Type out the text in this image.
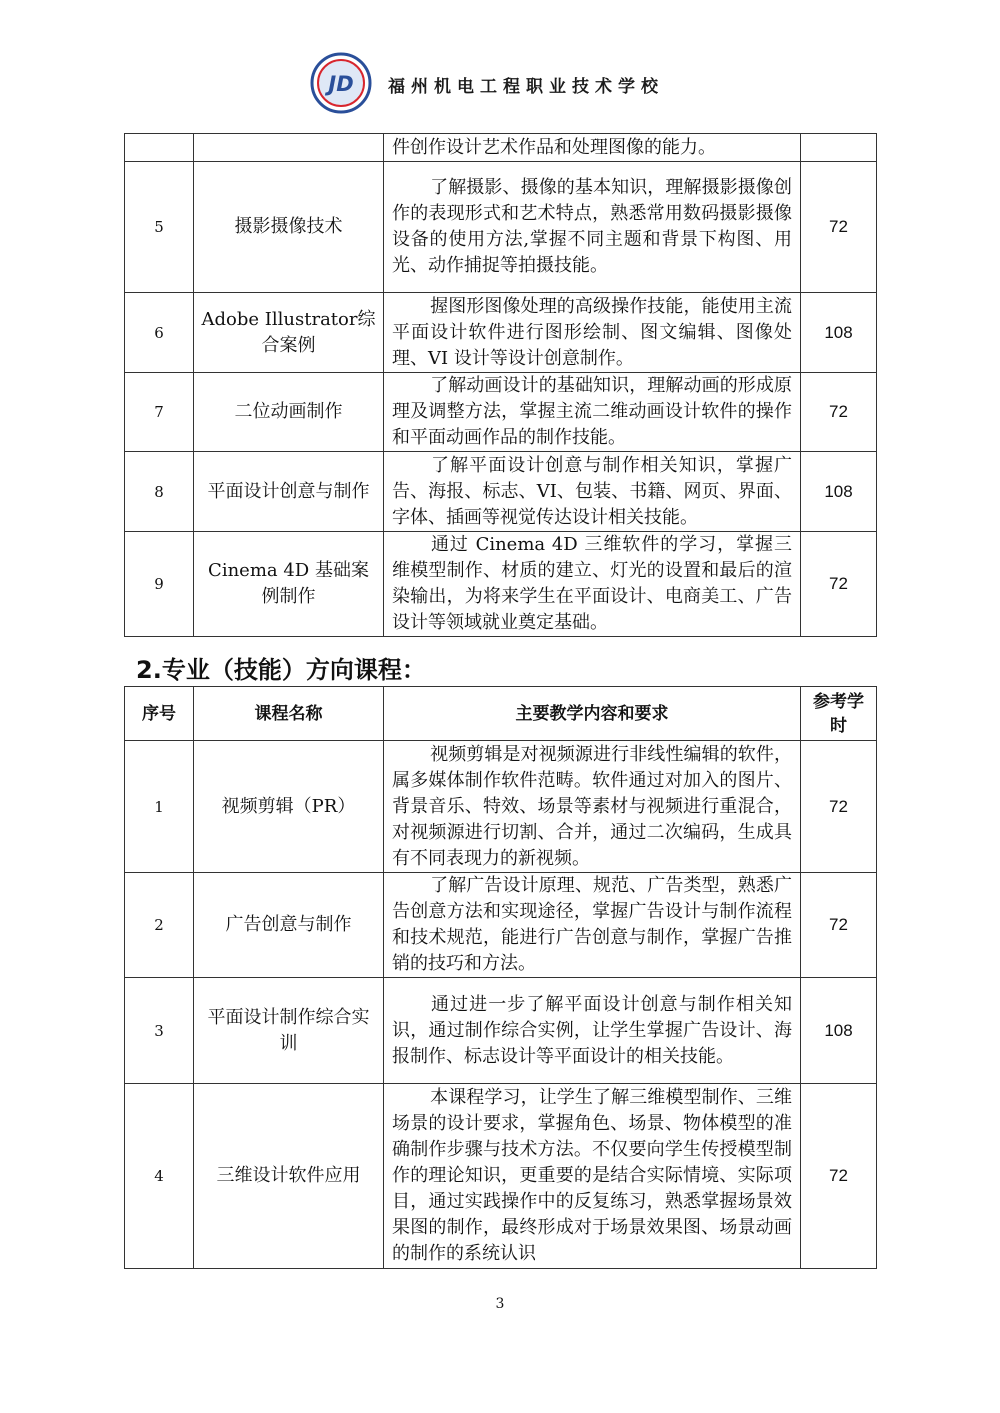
JD 福州机电工程职业技术学校
		件创作设计艺术作品和处理图像的能力。	
5	摄影摄像技术	了解摄影、摄像的基本知识，理解摄影摄像创作的表现形式和艺术特点，熟悉常用数码摄影摄像设备的使用方法,掌握不同主题和背景下构图、用光、动作捕捉等拍摄技能。	72
6	Adobe Illustrator综合案例	握图形图像处理的高级操作技能，能使用主流平面设计软件进行图形绘制、图文编辑、图像处理、VI 设计等设计创意制作。	108
7	二位动画制作	了解动画设计的基础知识，理解动画的形成原理及调整方法，掌握主流二维动画设计软件的操作和平面动画作品的制作技能。	72
8	平面设计创意与制作	了解平面设计创意与制作相关知识，掌握广告、海报、标志、VI、包装、书籍、网页、界面、字体、插画等视觉传达设计相关技能。	108
9	Cinema 4D 基础案例制作	通过 Cinema 4D 三维软件的学习，掌握三维模型制作、材质的建立、灯光的设置和最后的渲染输出，为将来学生在平面设计、电商美工、广告设计等领域就业奠定基础。	72
2.专业（技能）方向课程：
序号	课程名称	主要教学内容和要求	参考学时
1	视频剪辑（PR）	视频剪辑是对视频源进行非线性编辑的软件，属多媒体制作软件范畴。软件通过对加入的图片、背景音乐、特效、场景等素材与视频进行重混合，对视频源进行切割、合并，通过二次编码，生成具有不同表现力的新视频。	72
2	广告创意与制作	了解广告设计原理、规范、广告类型，熟悉广告创意方法和实现途径，掌握广告设计与制作流程和技术规范，能进行广告创意与制作，掌握广告推销的技巧和方法。	72
3	平面设计制作综合实训	通过进一步了解平面设计创意与制作相关知识，通过制作综合实例，让学生掌握广告设计、海报制作、标志设计等平面设计的相关技能。	108
4	三维设计软件应用	本课程学习，让学生了解三维模型制作、三维场景的设计要求，掌握角色、场景、物体模型的准确制作步骤与技术方法。不仅要向学生传授模型制作的理论知识，更重要的是结合实际情境、实际项目，通过实践操作中的反复练习，熟悉掌握场景效果图的制作，最终形成对于场景效果图、场景动画的制作的系统认识	72
3
